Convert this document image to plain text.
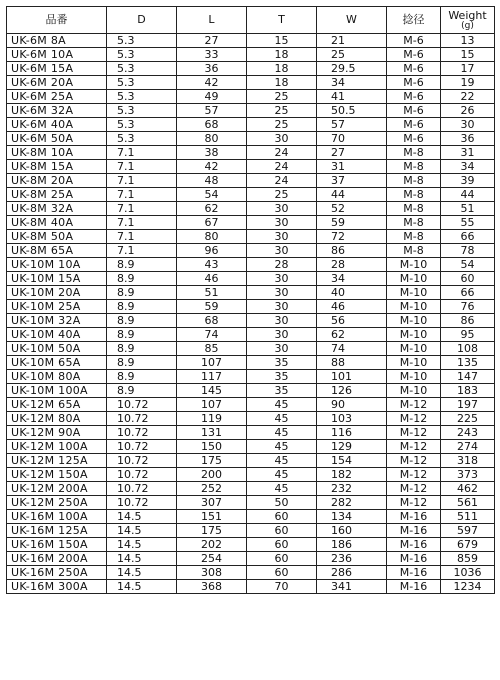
品番	D	L	T	W	捻径	Weight
(g)

UK-6M 8A	5.3	27	15	21	M-6	13
UK-6M 10A	5.3	33	18	25	M-6	15
UK-6M 15A	5.3	36	18	29.5	M-6	17
UK-6M 20A	5.3	42	18	34	M-6	19
UK-6M 25A	5.3	49	25	41	M-6	22
UK-6M 32A	5.3	57	25	50.5	M-6	26
UK-6M 40A	5.3	68	25	57	M-6	30
UK-6M 50A	5.3	80	30	70	M-6	36
UK-8M 10A	7.1	38	24	27	M-8	31
UK-8M 15A	7.1	42	24	31	M-8	34
UK-8M 20A	7.1	48	24	37	M-8	39
UK-8M 25A	7.1	54	25	44	M-8	44
UK-8M 32A	7.1	62	30	52	M-8	51
UK-8M 40A	7.1	67	30	59	M-8	55
UK-8M 50A	7.1	80	30	72	M-8	66
UK-8M 65A	7.1	96	30	86	M-8	78
UK-10M 10A	8.9	43	28	28	M-10	54
UK-10M 15A	8.9	46	30	34	M-10	60
UK-10M 20A	8.9	51	30	40	M-10	66
UK-10M 25A	8.9	59	30	46	M-10	76
UK-10M 32A	8.9	68	30	56	M-10	86
UK-10M 40A	8.9	74	30	62	M-10	95
UK-10M 50A	8.9	85	30	74	M-10	108
UK-10M 65A	8.9	107	35	88	M-10	135
UK-10M 80A	8.9	117	35	101	M-10	147
UK-10M 100A	8.9	145	35	126	M-10	183
UK-12M 65A	10.72	107	45	90	M-12	197
UK-12M 80A	10.72	119	45	103	M-12	225
UK-12M 90A	10.72	131	45	116	M-12	243
UK-12M 100A	10.72	150	45	129	M-12	274
UK-12M 125A	10.72	175	45	154	M-12	318
UK-12M 150A	10.72	200	45	182	M-12	373
UK-12M 200A	10.72	252	45	232	M-12	462
UK-12M 250A	10.72	307	50	282	M-12	561
UK-16M 100A	14.5	151	60	134	M-16	511
UK-16M 125A	14.5	175	60	160	M-16	597
UK-16M 150A	14.5	202	60	186	M-16	679
UK-16M 200A	14.5	254	60	236	M-16	859
UK-16M 250A	14.5	308	60	286	M-16	1036
UK-16M 300A	14.5	368	70	341	M-16	1234
